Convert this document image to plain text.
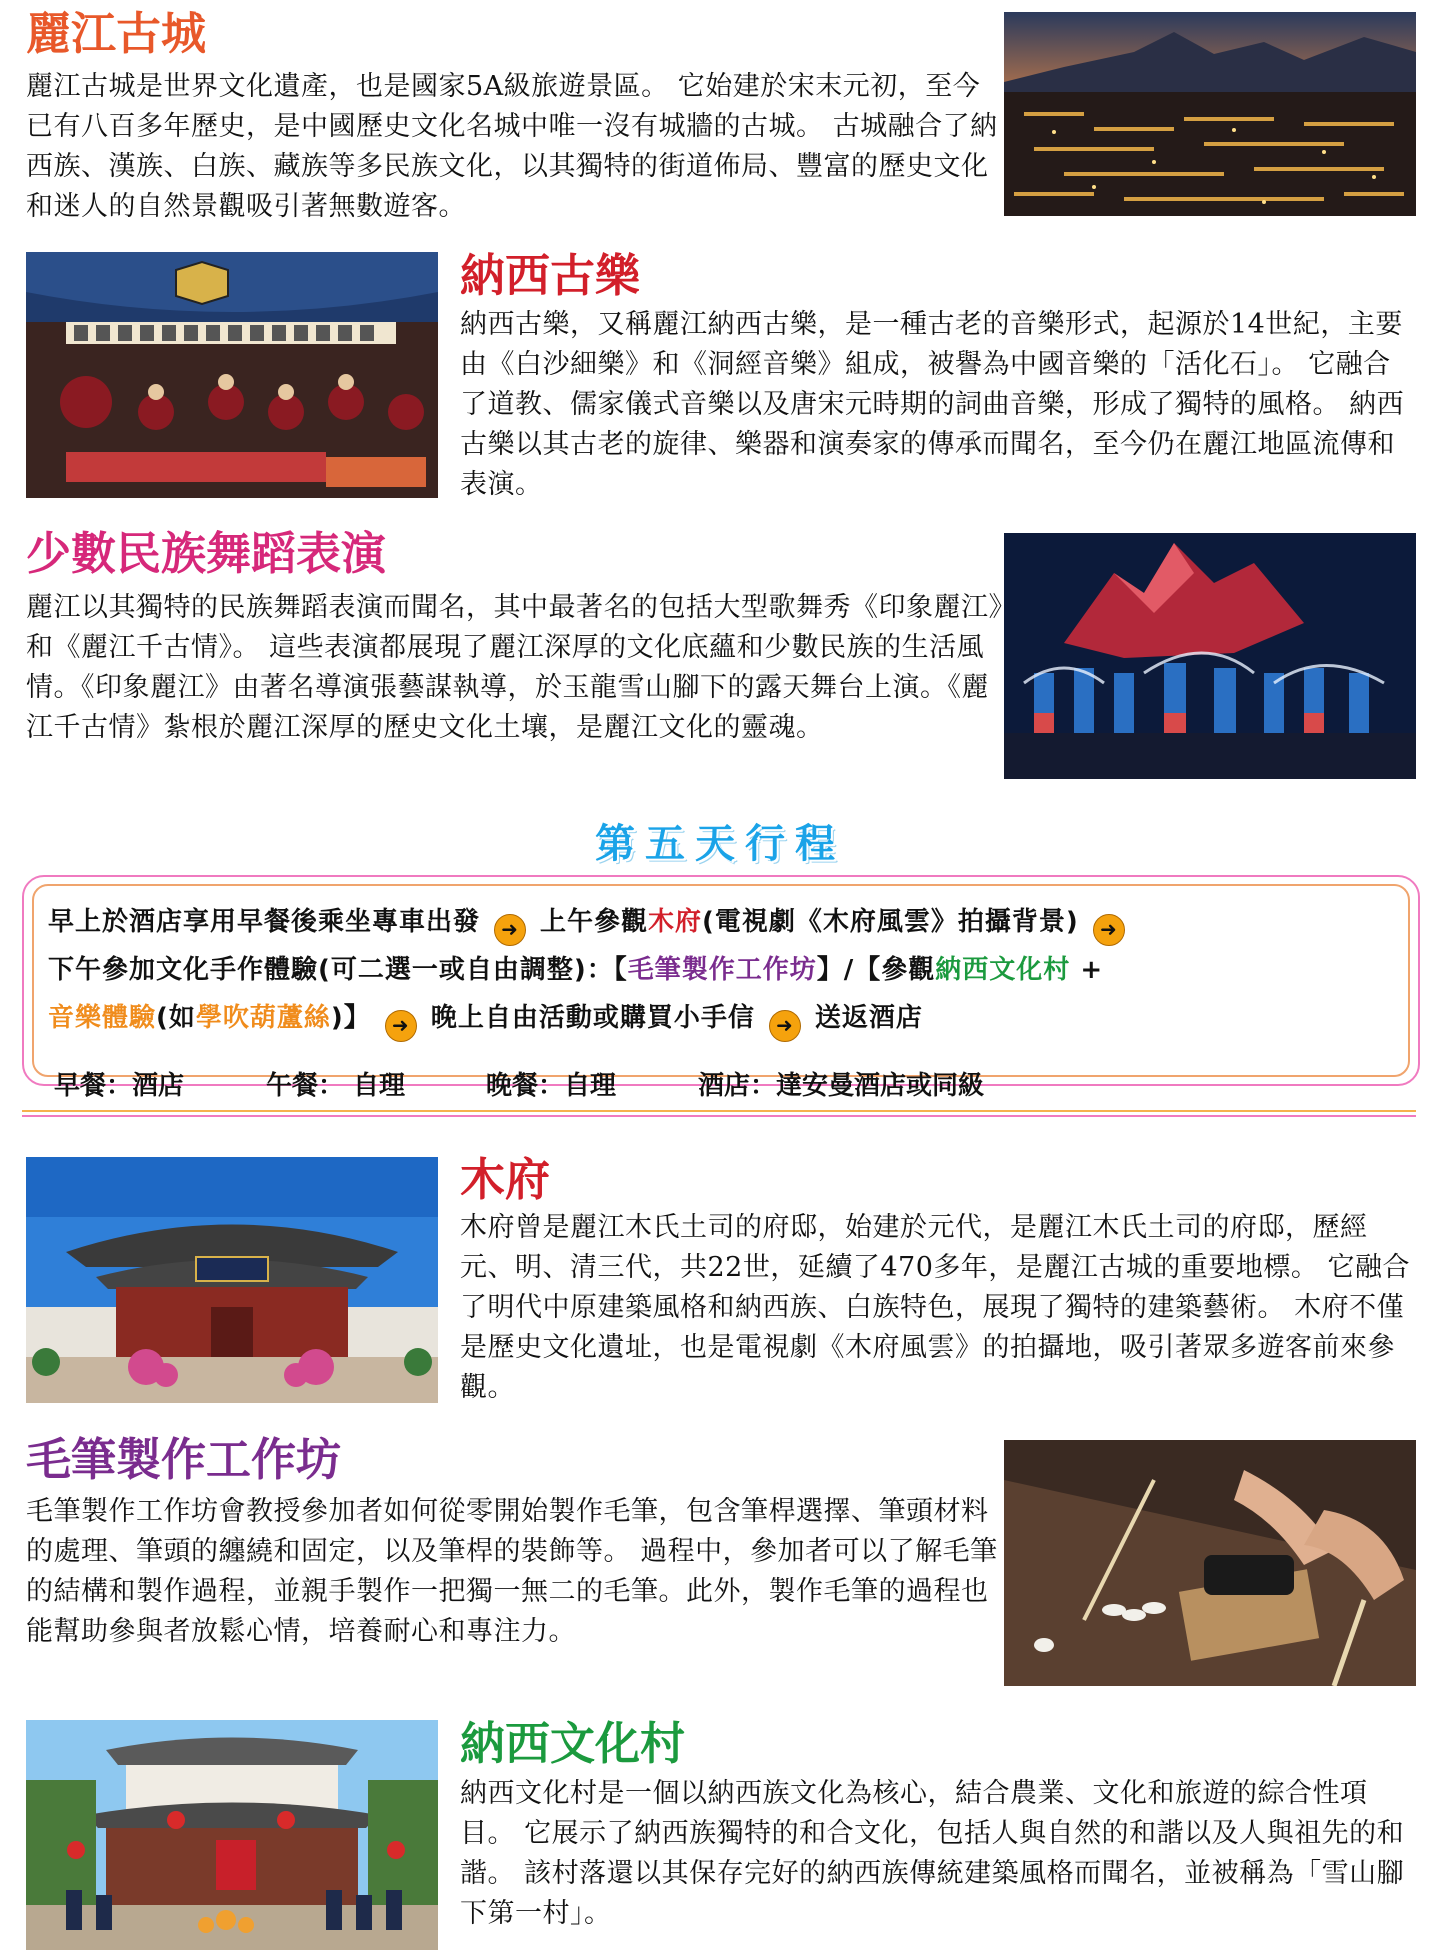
麗江古城
麗江古城是世界文化遺產，也是國家5A級旅遊景區。 它始建於宋末元初，至今已有八百多年歷史，是中國歷史文化名城中唯一沒有城牆的古城。 古城融合了納西族、漢族、白族、藏族等多民族文化，以其獨特的街道佈局、豐富的歷史文化和迷人的自然景觀吸引著無數遊客。
納西古樂
納西古樂，又稱麗江納西古樂，是一種古老的音樂形式，起源於14世紀，主要由《白沙細樂》和《洞經音樂》組成，被譽為中國音樂的「活化石」。 它融合了道教、儒家儀式音樂以及唐宋元時期的詞曲音樂，形成了獨特的風格。 納西古樂以其古老的旋律、樂器和演奏家的傳承而聞名，至今仍在麗江地區流傳和表演。
少數民族舞蹈表演
麗江以其獨特的民族舞蹈表演而聞名，其中最著名的包括大型歌舞秀《印象麗江》和《麗江千古情》。 這些表演都展現了麗江深厚的文化底蘊和少數民族的生活風情。《印象麗江》由著名導演張藝謀執導，於玉龍雪山腳下的露天舞台上演。《麗江千古情》紮根於麗江深厚的歷史文化土壤，是麗江文化的靈魂。
第五天行程
早上於酒店享用早餐後乘坐專車出發 ➜ 上午參觀木府(電視劇《木府風雲》拍攝背景) ➜
下午參加文化手作體驗(可二選一或自由調整)：【毛筆製作工作坊】/【參觀納西文化村 +
音樂體驗(如學吹葫蘆絲)】 ➜ 晚上自由活動或購買小手信 ➜ 送返酒店
早餐：酒店	午餐： 自理	晚餐：自理	酒店：達安曼酒店或同級
木府
木府曾是麗江木氏土司的府邸，始建於元代，是麗江木氏土司的府邸，歷經元、明、清三代，共22世，延續了470多年，是麗江古城的重要地標。 它融合了明代中原建築風格和納西族、白族特色，展現了獨特的建築藝術。 木府不僅是歷史文化遺址，也是電視劇《木府風雲》的拍攝地，吸引著眾多遊客前來參觀。
毛筆製作工作坊
毛筆製作工作坊會教授參加者如何從零開始製作毛筆，包含筆桿選擇、筆頭材料的處理、筆頭的纏繞和固定，以及筆桿的裝飾等。 過程中，參加者可以了解毛筆的結構和製作過程，並親手製作一把獨一無二的毛筆。此外，製作毛筆的過程也能幫助參與者放鬆心情，培養耐心和專注力。
納西文化村
納西文化村是一個以納西族文化為核心，結合農業、文化和旅遊的綜合性項目。 它展示了納西族獨特的和合文化，包括人與自然的和諧以及人與祖先的和諧。 該村落還以其保存完好的納西族傳統建築風格而聞名，並被稱為「雪山腳下第一村」。
